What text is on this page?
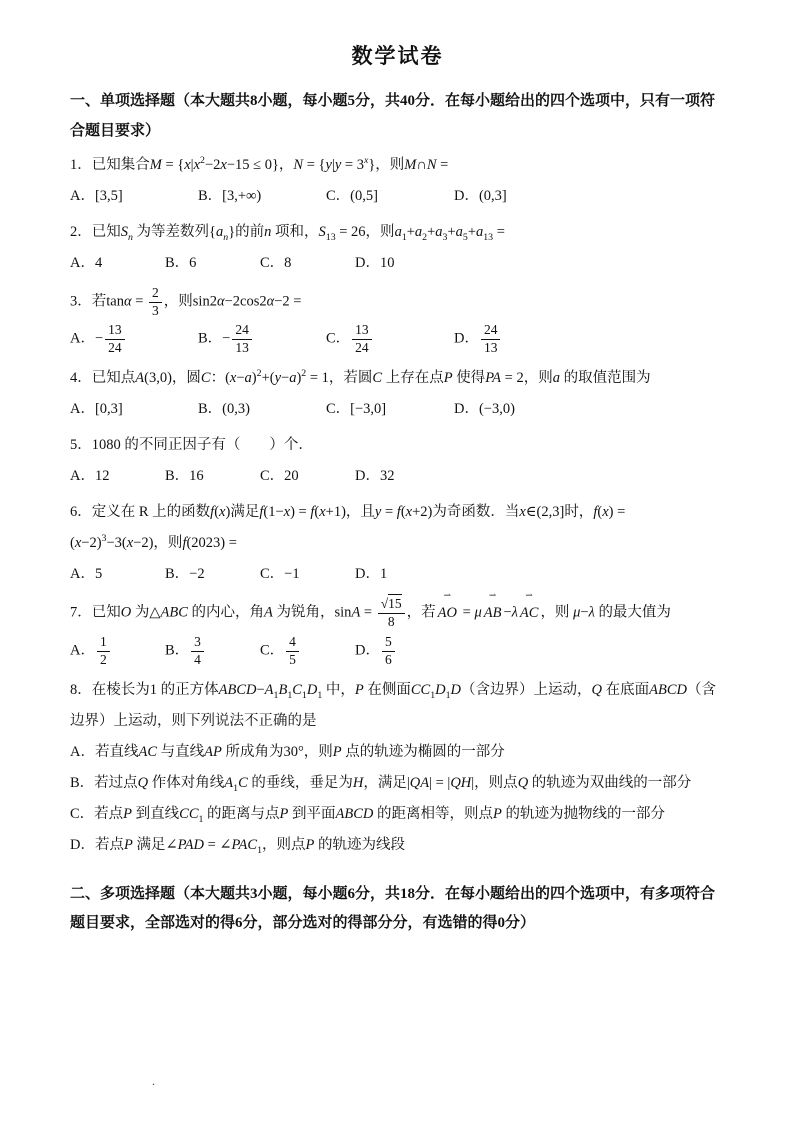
数学试卷

一、单项选择题（本大题共8小题，每小题5分，共40分．在每小题给出的四个选项中，只有一项符合题目要求）

1．已知集合$M = \{x|x^2-2x-15 \le 0\}$，$N = \{y|y = 3^x\}$，则M∩N =

A．[3,5]	B．[3,+∞)	C．(0,5]	D．(0,3]

2．已知$S_n$ 为等差数列$\{a_n\}$的前n 项和，$S_{13} = 26$，则$a_1+a_2+a_3+a_5+a_{13}$ =

A．4	B．6	C．8	D．10

3．若$\tan\alpha = \frac{2}{3}$ ，则sin2α−2cos2α−2 =

A．− $\frac{13}{24}$	B．− $\frac{24}{13}$	C． $\frac{13}{24}$	D． $\frac{24}{13}$

4．已知点A(3,0)，圆C：$(x-a)^2+(y-a)^2 = 1$，若圆C 上存在点P 使得PA = 2，则a 的取值范围为

A．[0,3]	B．(0,3)	C．[−3,0]	D．(−3,0)

5．1080 的不同正因子有（　　）个．

A．12	B．16	C．20	D．32

6．定义在 R 上的函数f(x)满足f(1−x) = f(x+1)，且y = f(x+2)为奇函数．当x∈(2,3]时，$f(x) = (x-2)^3-3(x-2)$，则f(2023) =

A．5	B．−2	C．−1	D．1

7．已知O 为△ABC 的内心，角A 为锐角，$\sin A = \frac{√15}{8}$ ，若 AO ⇀ = μ AB ⇀ −λ AC ⇀ ，则 μ−λ 的最大值为

A． $\frac{1}{2}$	B． $\frac{3}{4}$	C． $\frac{4}{5}$	D． $\frac{5}{6}$

8．在棱长为1 的正方体$ABCD-A_1B_1C_1D_1$ 中，P 在侧面$CC_1D_1D$（含边界）上运动，Q 在底面ABCD（含边界）上运动，则下列说法不正确的是

A．若直线AC 与直线AP 所成角为30°，则P 点的轨迹为椭圆的一部分

B．若过点Q 作体对角线$A_1C$ 的垂线，垂足为H，满足|QA| = |QH|，则点Q 的轨迹为双曲线的一部分

C．若点P 到直线$CC_1$ 的距离与点P 到平面ABCD 的距离相等，则点P 的轨迹为抛物线的一部分

D．若点P 满足∠PAD = $\angle PAC_1$，则点P 的轨迹为线段

二、多项选择题（本大题共3小题，每小题6分，共18分．在每小题给出的四个选项中，有多项符合题目要求，全部选对的得6分，部分选对的得部分分，有选错的得0分）

.
